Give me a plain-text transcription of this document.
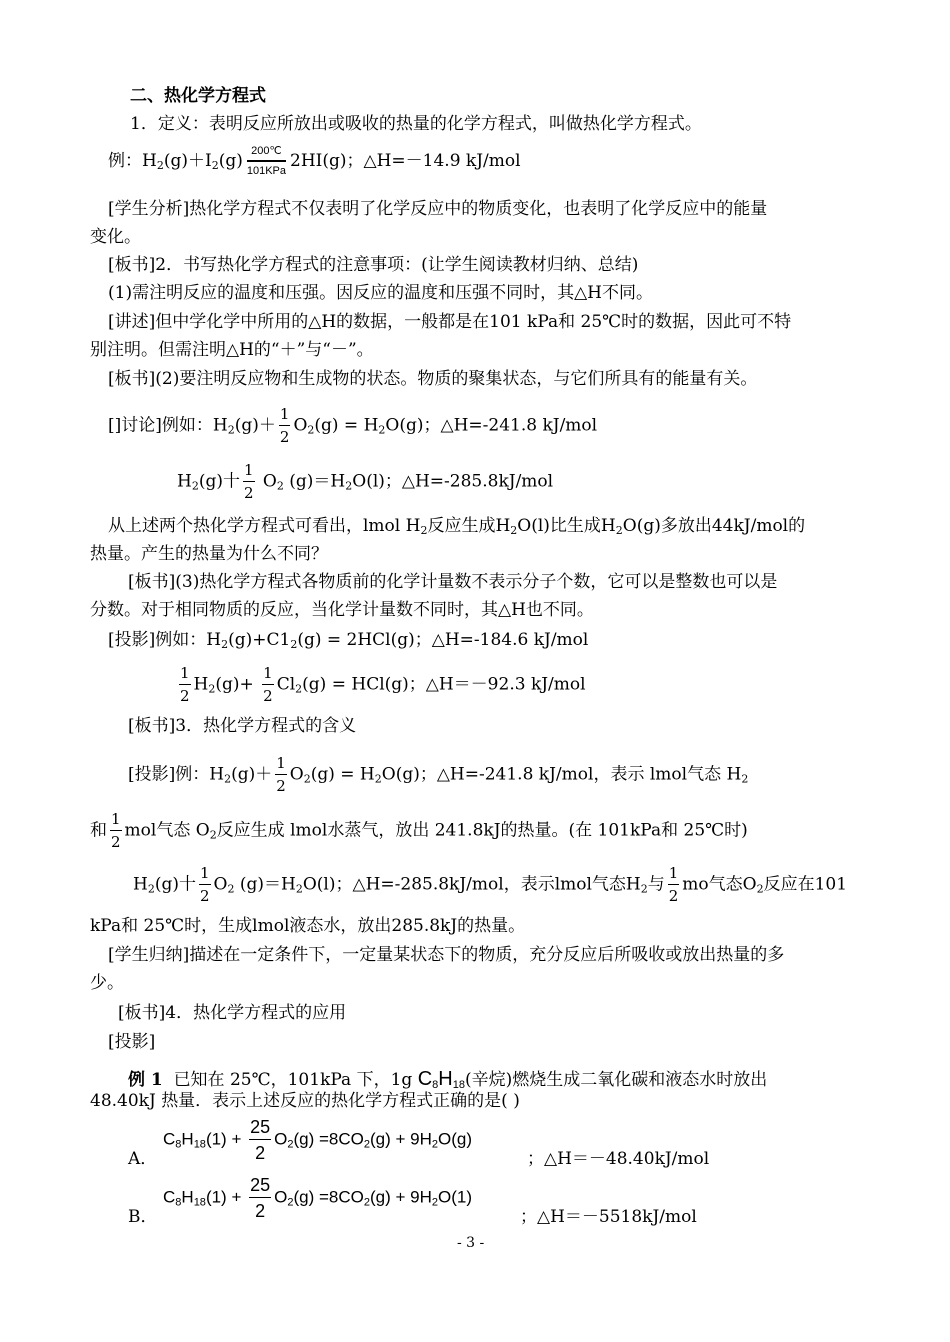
二、热化学方程式
1．定义：表明反应所放出或吸收的热量的化学方程式，叫做热化学方程式。
例：$H_2(g)+I_2(g)$ 200℃
101KPa 2HI(g)；△H=－14.9 kJ/mol
[学生分析]热化学方程式不仅表明了化学反应中的物质变化，也表明了化学反应中的能量
变化。
[板书]2．书写热化学方程式的注意事项：(让学生阅读教材归纳、总结)
(1)需注明反应的温度和压强。因反应的温度和压强不同时，其△H不同。
[讲述]但中学化学中所用的△H的数据，一般都是在101 kPa和 25℃时的数据，因此可不特
别注明。但需注明△H的“＋”与“－”。
[板书](2)要注明反应物和生成物的状态。物质的聚集状态，与它们所具有的能量有关。
[]讨论]例如：$H_2(g)+ \frac{1}{2} O_2(g) = H_2O(g)$；△H=-241.8 kJ/mol
$H_2(g)$十 $\frac{1}{2} O_2$ $(g)=H_2O(l)$；△H=-285.8kJ/mol
从上述两个热化学方程式可看出，lmol $H_2$反应生成$H_2O(l)$比生成$H_2O(g)$多放出44kJ/mol的
热量。产生的热量为什么不同？
[板书](3)热化学方程式各物质前的化学计量数不表示分子个数，它可以是整数也可以是
分数。对于相同物质的反应，当化学计量数不同时，其△H也不同。
[投影]例如：$H_2(g)+C1_2(g) = 2HCl(g)$；△H=-184.6 kJ/mol
$\frac{1}{2} H_2(g)+ \frac{1}{2} Cl_2(g) = HCl(g)$；△H＝－92.3 kJ/mol
[板书]3．热化学方程式的含义
[投影]例：$H_2(g)+ \frac{1}{2} O_2(g) = H_2O(g)$；△H=-241.8 kJ/mol，表示 lmol气态 $H_2$
和 $\frac{1}{2}$ mol气态 $O_2$反应生成 lmol水蒸气，放出 241.8kJ的热量。(在 101kPa和 25℃时)
$H_2(g)$十 $\frac{1}{2} O_2$ $(g)=H_2O(l)$；△H=-285.8kJ/mol，表示lmol气态$H_2$与 $\frac{1}{2}$ mo气态$O_2$反应在101
kPa和 25℃时，生成lmol液态水，放出285.8kJ的热量。
[学生归纳]描述在一定条件下，一定量某状态下的物质，充分反应后所吸收或放出热量的多
少。
[板书]4．热化学方程式的应用
[投影]
例 1 已知在 25℃，101kPa 下，1g $C_8H_{18}$(辛烷)燃烧生成二氧化碳和液态水时放出
48.40kJ 热量．表示上述反应的热化学方程式正确的是( )
A．
$C_8H_{18}(1) + \frac{25}{2} O_2(g) =8CO_2(g) + 9H_2O(g)$
；△H＝－48.40kJ/mol
B．
$C_8H_{18}(1) + \frac{25}{2} O_2(g) =8CO_2(g) + 9H_2O(1)$
；△H＝－5518kJ/mol
- 3 -
